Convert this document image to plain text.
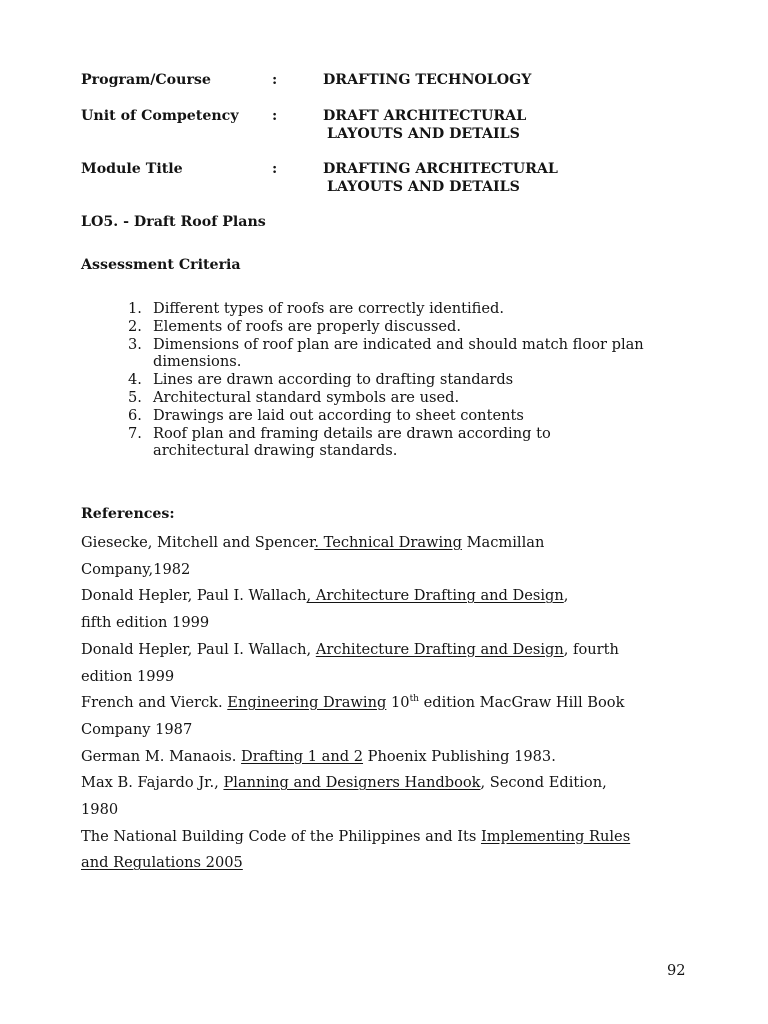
Program/Course	:	DRAFTING TECHNOLOGY
Unit of Competency :	DRAFT ARCHITECTURAL
LAYOUTS AND DETAILS
Module Title	:	DRAFTING ARCHITECTURAL
LAYOUTS AND DETAILS
LO5. - Draft Roof Plans
Assessment Criteria
1. Different types of roofs are correctly identified.
2. Elements of roofs are properly discussed.
3. Dimensions of roof plan are indicated and should match floor plan
dimensions.
4. Lines are drawn according to drafting standards
5. Architectural standard symbols are used.
6. Drawings are laid out according to sheet contents
7. Roof plan and framing details are drawn according to
architectural drawing standards.
References:
Giesecke, Mitchell and Spencer. Technical Drawing Macmillan
Company,1982
Donald Hepler, Paul I. Wallach, Architecture Drafting and Design,
fifth edition 1999
Donald Hepler, Paul I. Wallach, Architecture Drafting and Design, fourth
edition 1999
French and Vierck. Engineering Drawing 10th edition MacGraw Hill Book
Company 1987
German M. Manaois. Drafting 1 and 2 Phoenix Publishing 1983.
Max B. Fajardo Jr., Planning and Designers Handbook, Second Edition,
1980
The National Building Code of the Philippines and Its Implementing Rules
and Regulations 2005
92
